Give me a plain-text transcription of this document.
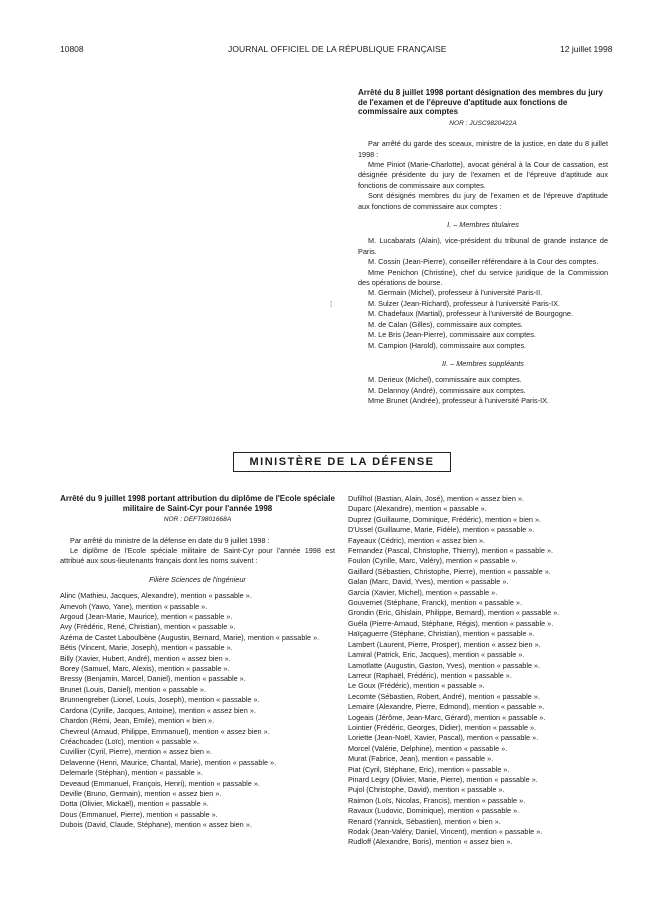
10808	JOURNAL OFFICIEL DE LA RÉPUBLIQUE FRANÇAISE	12 juillet 1998
Arrêté du 8 juillet 1998 portant désignation des membres du jury de l'examen et de l'épreuve d'aptitude aux fonctions de commissaire aux comptes
NOR : JUSC9820422A

Par arrêté du garde des sceaux, ministre de la justice, en date du 8 juillet 1998 :

Mme Piniot (Marie-Charlotte), avocat général à la Cour de cassation, est désignée présidente du jury de l'examen et de l'épreuve d'aptitude aux fonctions de commissaire aux comptes.

Sont désignés membres du jury de l'examen et de l'épreuve d'aptitude aux fonctions de commissaire aux comptes :

I. – Membres titulaires

M. Lucabarats (Alain), vice-président du tribunal de grande instance de Paris.

M. Cossin (Jean-Pierre), conseiller référendaire à la Cour des comptes.

Mme Penichon (Christine), chef du service juridique de la Commission des opérations de bourse.

M. Germain (Michel), professeur à l'université Paris-II.

M. Sulzer (Jean-Richard), professeur à l'université Paris-IX.

M. Chadefaux (Martial), professeur à l'université de Bourgogne.

M. de Calan (Gilles), commissaire aux comptes.

M. Le Bris (Jean-Pierre), commissaire aux comptes.

M. Campion (Harold), commissaire aux comptes.

II. – Membres suppléants

M. Derieux (Michel), commissaire aux comptes.

M. Delannoy (André), commissaire aux comptes.

Mme Brunet (Andrée), professeur à l'université Paris-IX.

⁞
MINISTÈRE DE LA DÉFENSE
Arrêté du 9 juillet 1998 portant attribution du diplôme de l'Ecole spéciale militaire de Saint-Cyr pour l'année 1998
NOR : DEFT9801668A

Par arrêté du ministre de la défense en date du 9 juillet 1998 :

Le diplôme de l'Ecole spéciale militaire de Saint-Cyr pour l'année 1998 est attribué aux sous-lieutenants français dont les noms suivent :

Filière Sciences de l'ingénieur

Alinc (Mathieu, Jacques, Alexandre), mention « passable ».

Amevoh (Yawo, Yane), mention « passable ».

Argoud (Jean-Marie, Maurice), mention « passable ».

Avy (Frédéric, René, Christian), mention « passable ».

Azéma de Castet Laboulbène (Augustin, Bernard, Marie), mention « passable ».

Bétis (Vincent, Marie, Joseph), mention « passable ».

Billy (Xavier, Hubert, André), mention « assez bien ».

Borey (Samuel, Marc, Alexis), mention « passable ».

Bressy (Benjamin, Marcel, Daniel), mention « passable ».

Brunet (Louis, Daniel), mention « passable ».

Brunnengreber (Lionel, Louis, Joseph), mention « passable ».

Cardona (Cyrille, Jacques, Antoine), mention « assez bien ».

Chardon (Rémi, Jean, Emile), mention « bien ».

Chevreul (Arnaud, Philippe, Emmanuel), mention « assez bien ».

Créachcadec (Loïc), mention « passable ».

Cuvillier (Cyril, Pierre), mention « assez bien ».

Delavenne (Henri, Maurice, Chantal, Marie), mention « passable ».

Delemarle (Stéphan), mention « passable ».

Deveaud (Emmanuel, François, Henri), mention « passable ».

Deville (Bruno, Germain), mention « assez bien ».

Dotta (Olivier, Mickaël), mention « passable ».

Dous (Emmanuel, Pierre), mention « passable ».

Dubois (David, Claude, Stéphane), mention « assez bien ».

Dufilhol (Bastian, Alain, José), mention « assez bien ».

Duparc (Alexandre), mention « passable ».

Duprez (Guillaume, Dominique, Frédéric), mention « bien ».

D'Ussel (Guillaume, Marie, Fidèle), mention « passable ».

Fayeaux (Cédric), mention « assez bien ».

Fernandez (Pascal, Christophe, Thierry), mention « passable ».

Foulon (Cyrille, Marc, Valéry), mention « passable ».

Gaillard (Sébastien, Christophe, Pierre), mention « passable ».

Galan (Marc, David, Yves), mention « passable ».

Garcia (Xavier, Michel), mention « passable ».

Gouvernet (Stéphane, Franck), mention « passable ».

Grondin (Eric, Ghislain, Philippe, Bernard), mention « passable ».

Guéla (Pierre-Arnaud, Stéphane, Régis), mention « passable ».

Haïçaguerre (Stéphane, Christian), mention « passable ».

Lambert (Laurent, Pierre, Prosper), mention « assez bien ».

Lamiral (Patrick, Eric, Jacques), mention « passable ».

Lamotlatte (Augustin, Gaston, Yves), mention « passable ».

Larreur (Raphaël, Frédéric), mention « passable ».

Le Goux (Frédéric), mention « passable ».

Lecomte (Sébastien, Robert, André), mention « passable ».

Lemaire (Alexandre, Pierre, Edmond), mention « passable ».

Logeais (Jérôme, Jean-Marc, Gérard), mention « passable ».

Lointier (Frédéric, Georges, Didier), mention « passable ».

Loriette (Jean-Noël, Xavier, Pascal), mention « passable ».

Morcel (Valérie, Delphine), mention « passable ».

Murat (Fabrice, Jean), mention « passable ».

Piat (Cyril, Stéphane, Eric), mention « passable ».

Pinard Legry (Olivier, Marie, Pierre), mention « passable ».

Pujol (Christophe, David), mention « passable ».

Raimon (Loïs, Nicolas, Francis), mention « passable ».

Ravaux (Ludovic, Dominique), mention « passable ».

Renard (Yannick, Sébastien), mention « bien ».

Rodak (Jean-Valéry, Daniel, Vincent), mention « passable ».

Rudloff (Alexandre, Boris), mention « assez bien ».
